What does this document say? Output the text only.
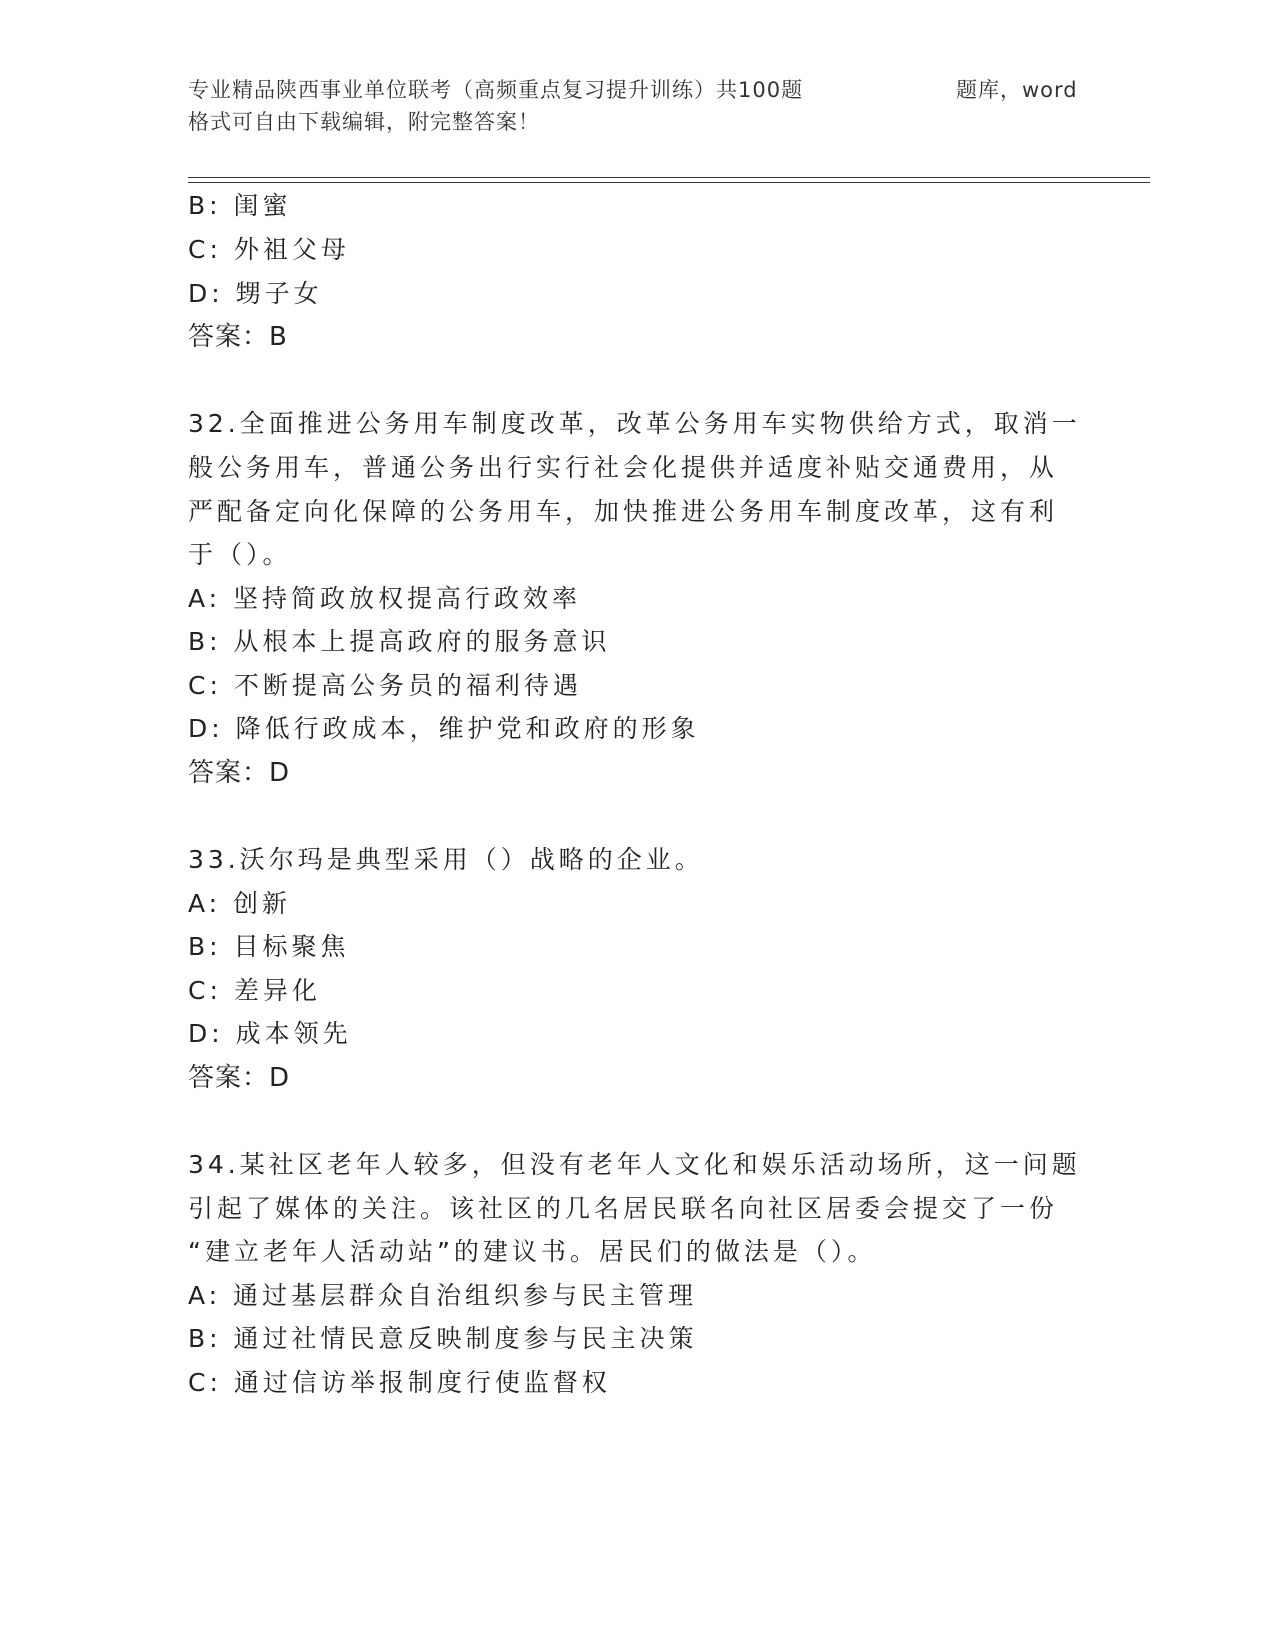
专业精品陕西事业单位联考（高频重点复习提升训练）共100题	题库，word
格式可自由下载编辑，附完整答案！
B: 闺蜜
C: 外祖父母
D: 甥子女
答案：B
32.全面推进公务用车制度改革，改革公务用车实物供给方式，取消一
般公务用车，普通公务出行实行社会化提供并适度补贴交通费用，从
严配备定向化保障的公务用车，加快推进公务用车制度改革，这有利
于（）。
A: 坚持简政放权提高行政效率
B: 从根本上提高政府的服务意识
C: 不断提高公务员的福利待遇
D: 降低行政成本，维护党和政府的形象
答案：D
33.沃尔玛是典型采用（）战略的企业。
A: 创新
B: 目标聚焦
C: 差异化
D: 成本领先
答案：D
34.某社区老年人较多，但没有老年人文化和娱乐活动场所，这一问题
引起了媒体的关注。该社区的几名居民联名向社区居委会提交了一份
“建立老年人活动站”的建议书。居民们的做法是（）。
A: 通过基层群众自治组织参与民主管理
B: 通过社情民意反映制度参与民主决策
C: 通过信访举报制度行使监督权
